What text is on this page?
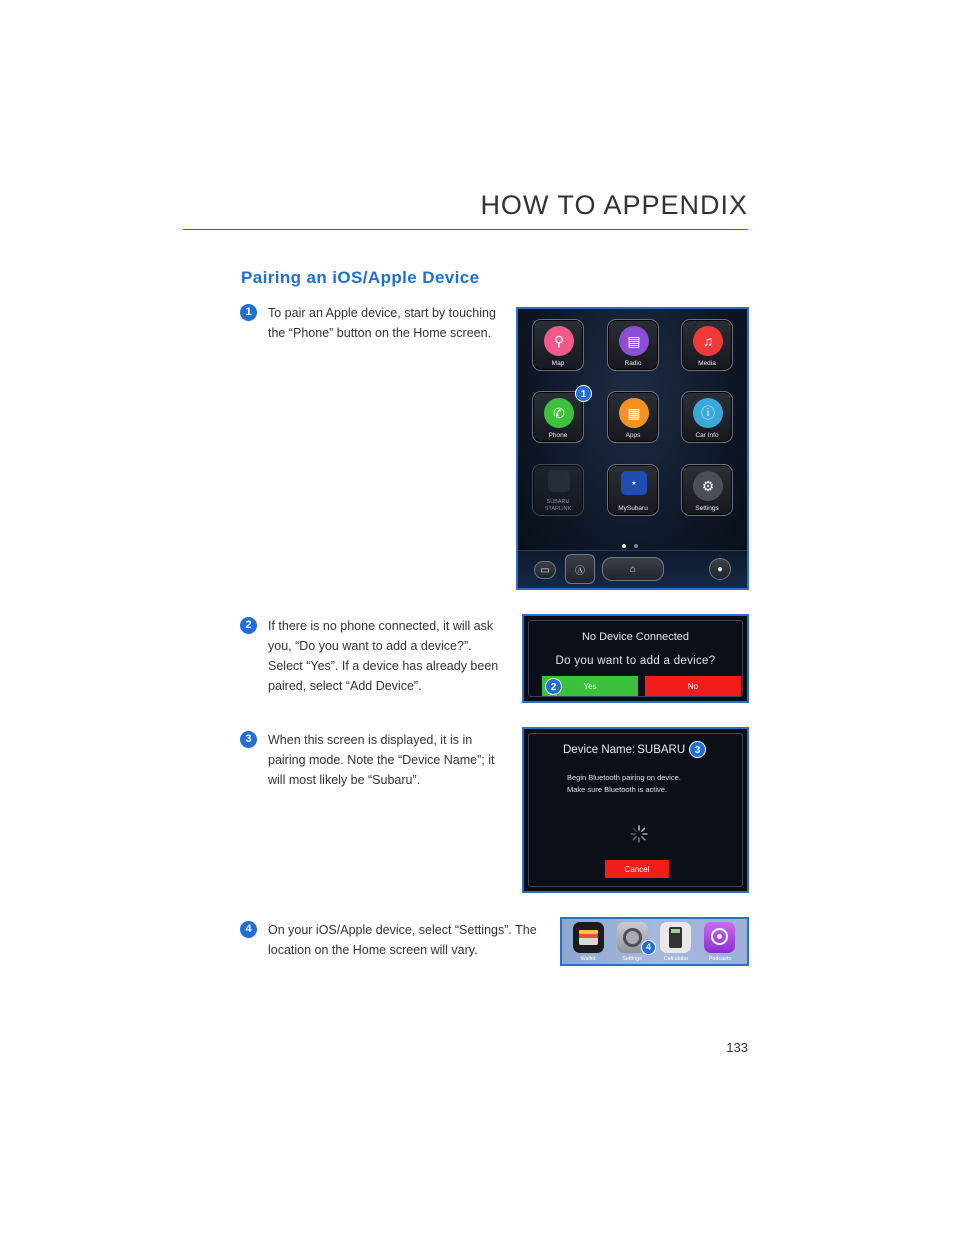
HOW TO APPENDIX
Pairing an iOS/Apple Device
1	To pair an Apple device, start by touching

the “Phone” button on the Home screen.	⚲
Map
▤
Radio
♫
Media
✆
Phone
▦
Apps
ⓘ
Car Info
SUBARU STARLINK
★
MySubaru
⚙
Settings
1
▭	Ⓐ	⌂	●
2	If there is no phone connected, it will ask

you, “Do you want to add a device?”.

Select “Yes”. If a device has already been

paired, select “Add Device”.

No Device Connected
Do you want to add a device?
Yes	No
2
3	When this screen is displayed, it is in

pairing mode. Note the “Device Name”; it

will most likely be “Subaru”.

Device Name: SUBARU 3
Begin Bluetooth pairing on device.
Make sure Bluetooth is active.
Cancel
4	On your iOS/Apple device, select “Settings”. The

location on the Home screen will vary.

Wallet	Settings
4
Calculator	Podcasts
133
